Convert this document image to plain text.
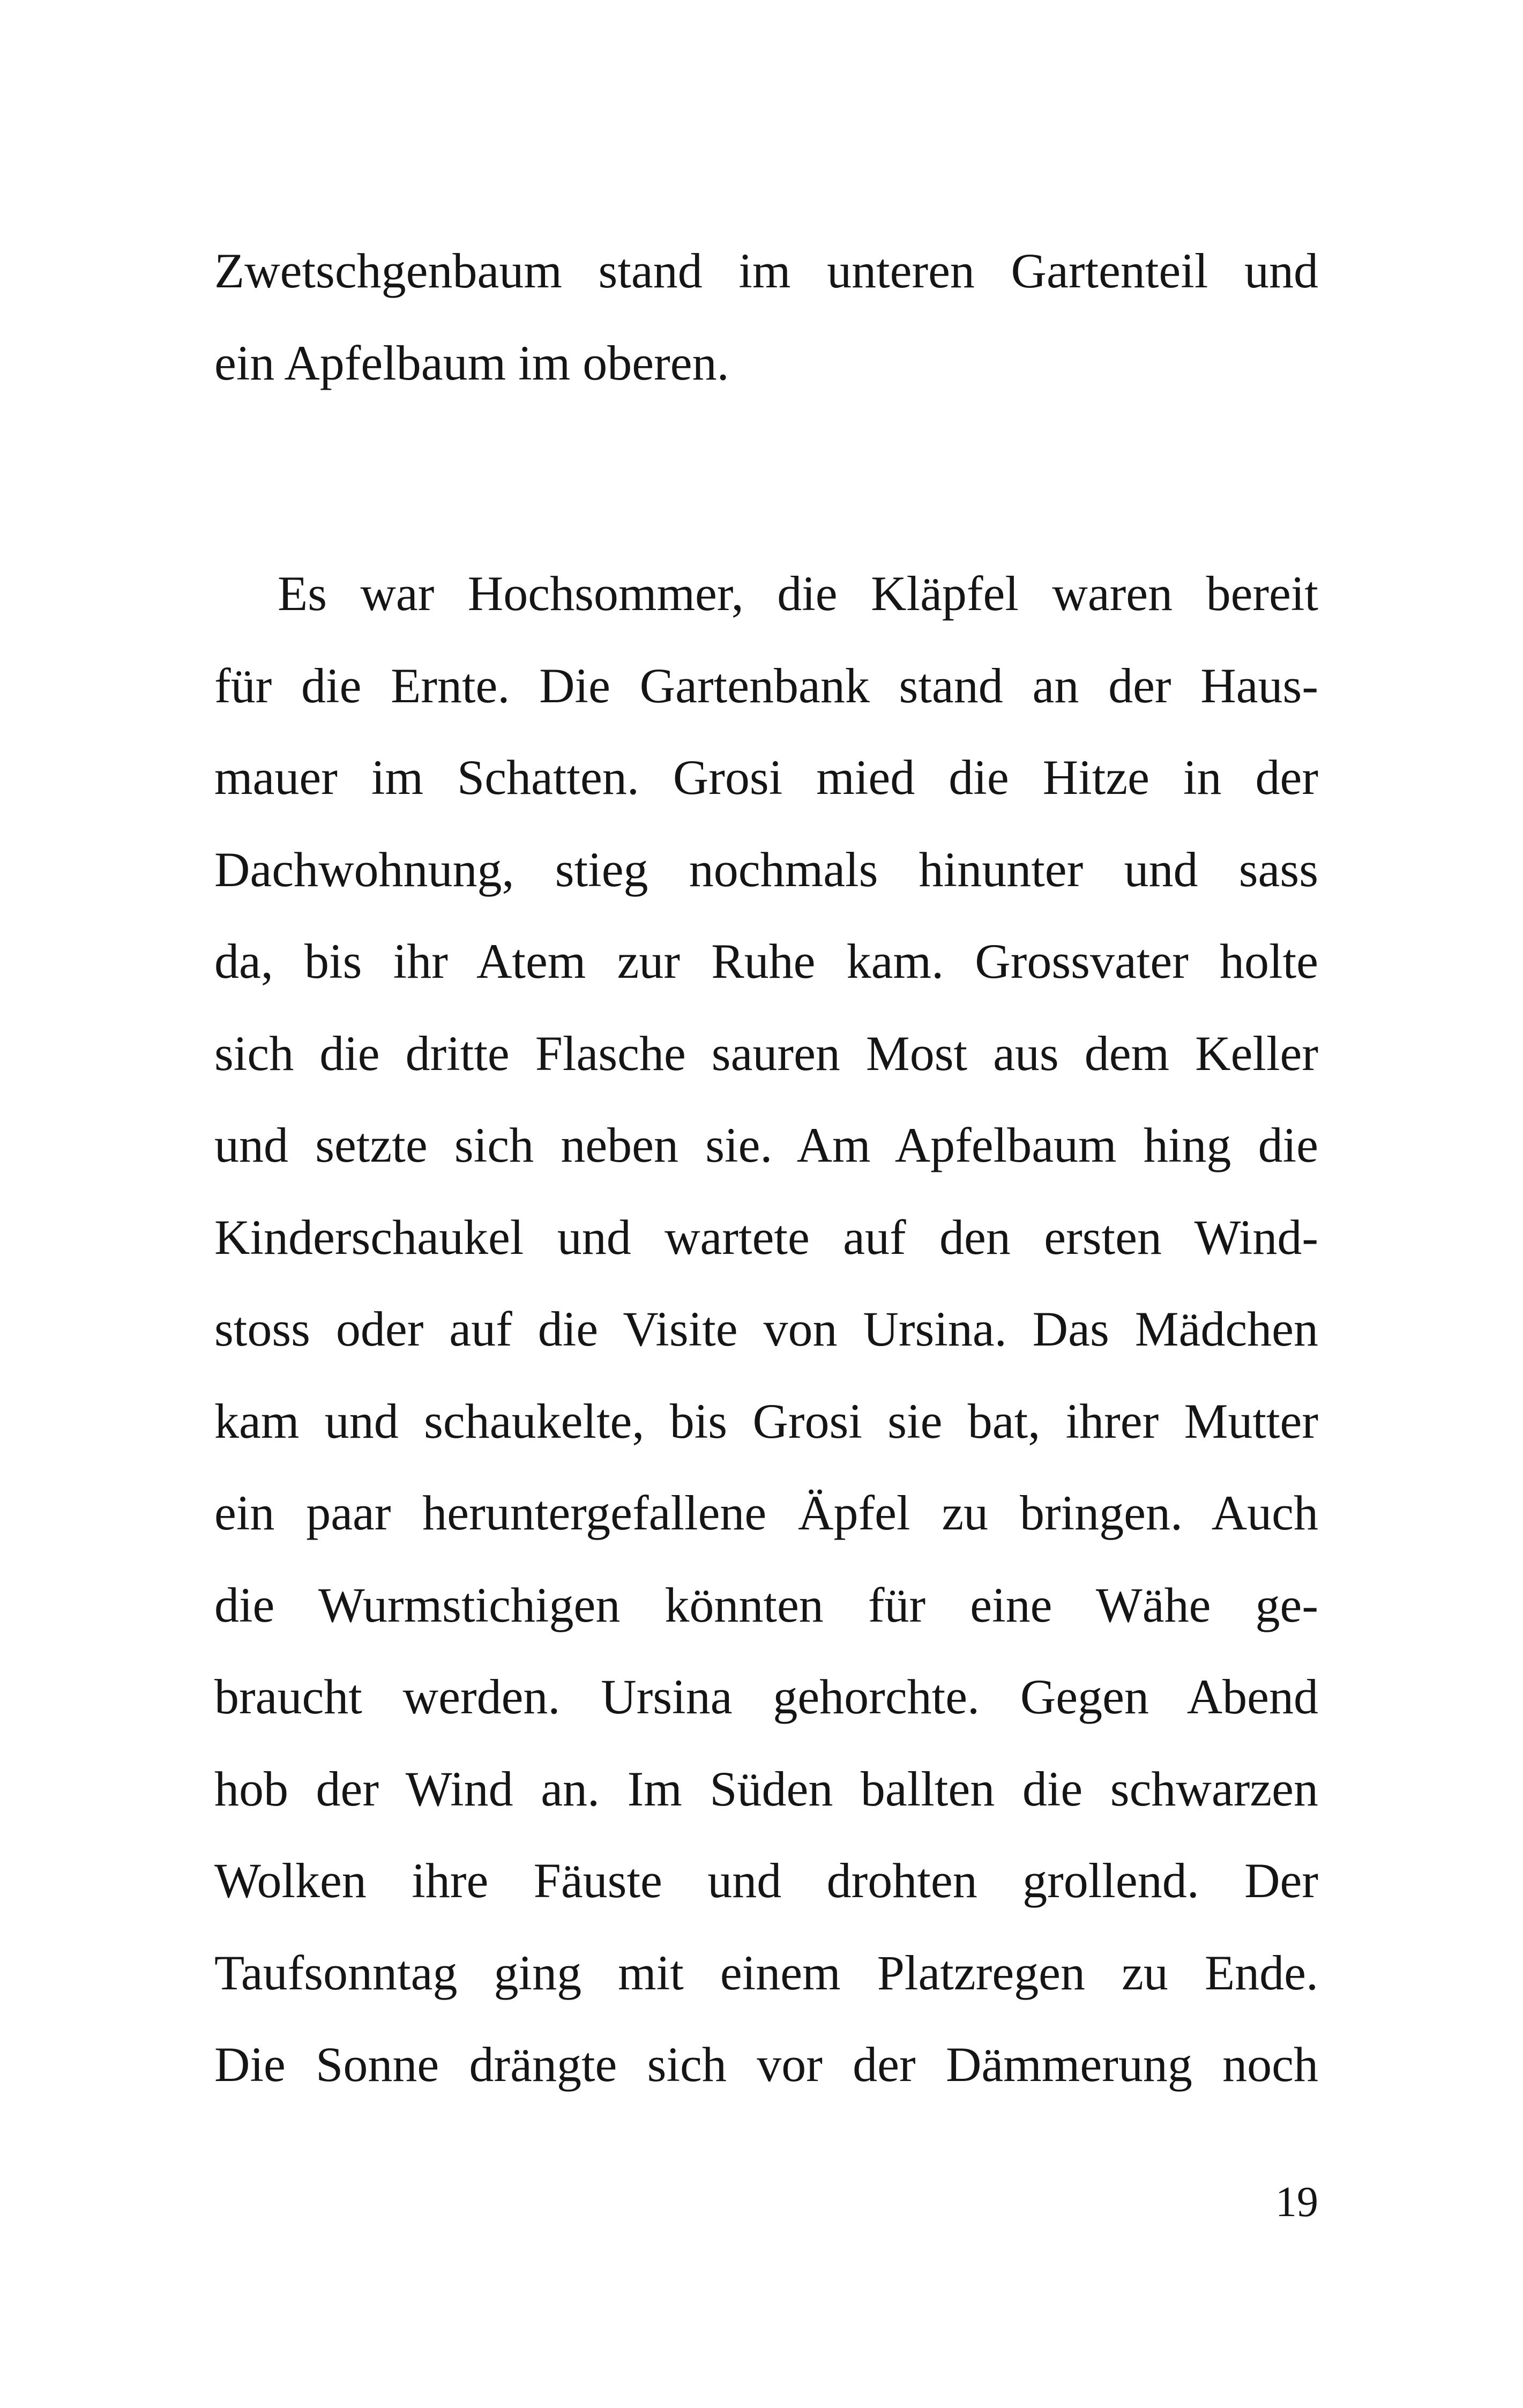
Zwetschgenbaum stand im unteren Gartenteil und
ein Apfelbaum im oberen.
Es war Hochsommer, die Kläpfel waren bereit
für die Ernte. Die Gartenbank stand an der Haus-
mauer im Schatten. Grosi mied die Hitze in der
Dachwohnung, stieg nochmals hinunter und sass
da, bis ihr Atem zur Ruhe kam. Grossvater holte
sich die dritte Flasche sauren Most aus dem Keller
und setzte sich neben sie. Am Apfelbaum hing die
Kinderschaukel und wartete auf den ersten Wind-
stoss oder auf die Visite von Ursina. Das Mädchen
kam und schaukelte, bis Grosi sie bat, ihrer Mutter
ein paar heruntergefallene Äpfel zu bringen. Auch
die Wurmstichigen könnten für eine Wähe ge-
braucht werden. Ursina gehorchte. Gegen Abend
hob der Wind an. Im Süden ballten die schwarzen
Wolken ihre Fäuste und drohten grollend. Der
Taufsonntag ging mit einem Platzregen zu Ende.
Die Sonne drängte sich vor der Dämmerung noch
19
